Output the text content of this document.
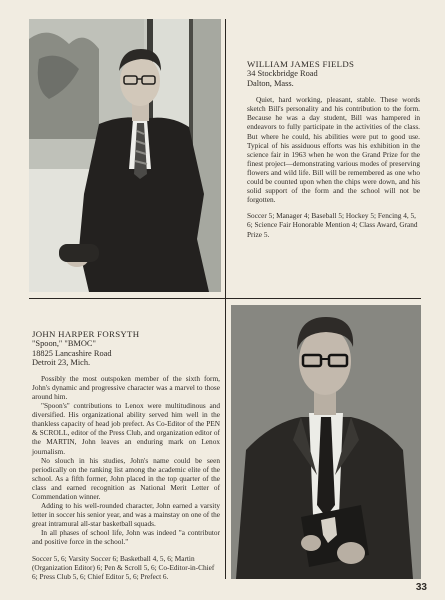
WILLIAM JAMES FIELDS
34 Stockbridge Road
Dalton, Mass.

Quiet, hard working, pleasant, stable. These words sketch Bill's personality and his contribution to the form. Because he was a day student, Bill was hampered in endeavors to fully participate in the activities of the class. But where he could, his abilities were put to good use. Typical of his assiduous efforts was his exhibition in the science fair in 1963 when he won the Grand Prize for the finest project—demonstrating various modes of preserving flowers and wild life. Bill will be remembered as one who could be counted upon when the chips were down, and his solid support of the form and the school will not be forgotten.

Soccer 5; Manager 4; Baseball 5; Hockey 5; Fencing 4, 5, 6; Science Fair Honorable Mention 4; Class Award, Grand Prize 5.

JOHN HARPER FORSYTH
"Spoon," "BMOC"
18825 Lancashire Road
Detroit 23, Mich.

Possibly the most outspoken member of the sixth form, John's dynamic and progressive character was a marvel to those around him.

"Spoon's" contributions to Lenox were multitudinous and diversified. His organizational ability served him well in the thankless capacity of head job prefect. As Co-Editor of the PEN & SCROLL, editor of the Press Club, and organization editor of the MARTIN, John leaves an enduring mark on Lenox journalism.

No slouch in his studies, John's name could be seen periodically on the ranking list among the academic elite of the school. As a fifth former, John placed in the top quarter of the class and earned recognition as National Merit Letter of Commendation winner.

Adding to his well-rounded character, John earned a varsity letter in soccer his senior year, and was a mainstay on one of the great intramural all-star basketball squads.

In all phases of school life, John was indeed "a contributor and positive force in the school."

Soccer 5, 6; Varsity Soccer 6; Basketball 4, 5, 6; Martin (Organization Editor) 6; Pen & Scroll 5, 6; Co-Editor-in-Chief 6; Press Club 5, 6; Chief Editor 5, 6; Prefect 6.

33
